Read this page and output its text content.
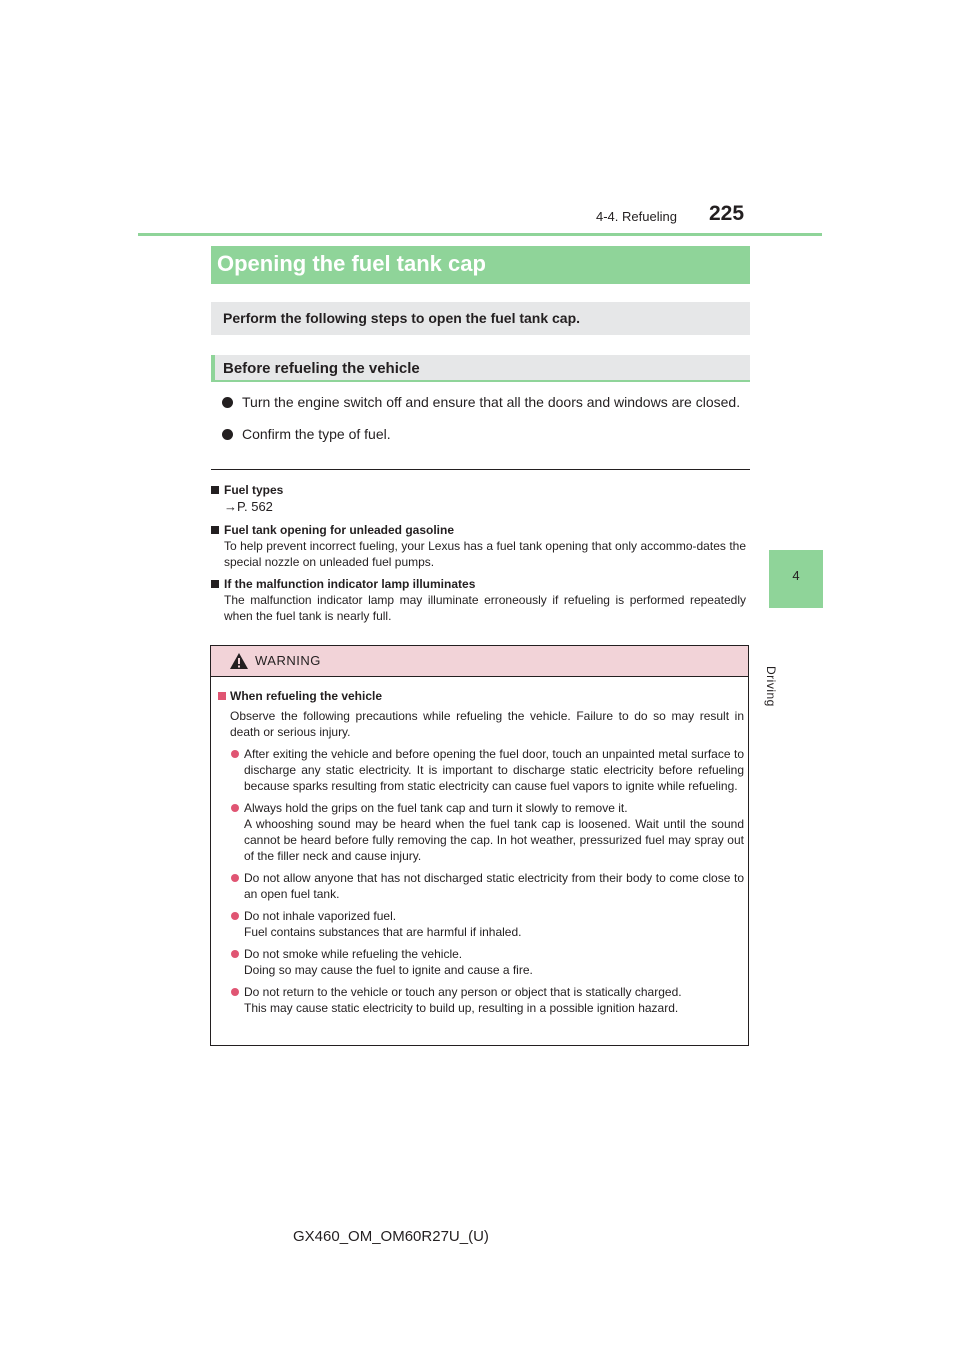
4-4. Refueling 225
4
Driving
Opening the fuel tank cap
Perform the following steps to open the fuel tank cap.
Before refueling the vehicle
Turn the engine switch off and ensure that all the doors and windows are closed.
Confirm the type of fuel.
Fuel types
→P. 562
Fuel tank opening for unleaded gasoline
To help prevent incorrect fueling, your Lexus has a fuel tank opening that only accommo-dates the special nozzle on unleaded fuel pumps.
If the malfunction indicator lamp illuminates
The malfunction indicator lamp may illuminate erroneously if refueling is performed repeatedly when the fuel tank is nearly full.
WARNING
When refueling the vehicle
Observe the following precautions while refueling the vehicle. Failure to do so may result in death or serious injury.
After exiting the vehicle and before opening the fuel door, touch an unpainted metal surface to discharge any static electricity. It is important to discharge static electricity before refueling because sparks resulting from static electricity can cause fuel vapors to ignite while refueling.
Always hold the grips on the fuel tank cap and turn it slowly to remove it.
A whooshing sound may be heard when the fuel tank cap is loosened. Wait until the sound cannot be heard before fully removing the cap. In hot weather, pressurized fuel may spray out of the filler neck and cause injury.
Do not allow anyone that has not discharged static electricity from their body to come close to an open fuel tank.
Do not inhale vaporized fuel.
Fuel contains substances that are harmful if inhaled.
Do not smoke while refueling the vehicle.
Doing so may cause the fuel to ignite and cause a fire.
Do not return to the vehicle or touch any person or object that is statically charged.
This may cause static electricity to build up, resulting in a possible ignition hazard.
GX460_OM_OM60R27U_(U)
